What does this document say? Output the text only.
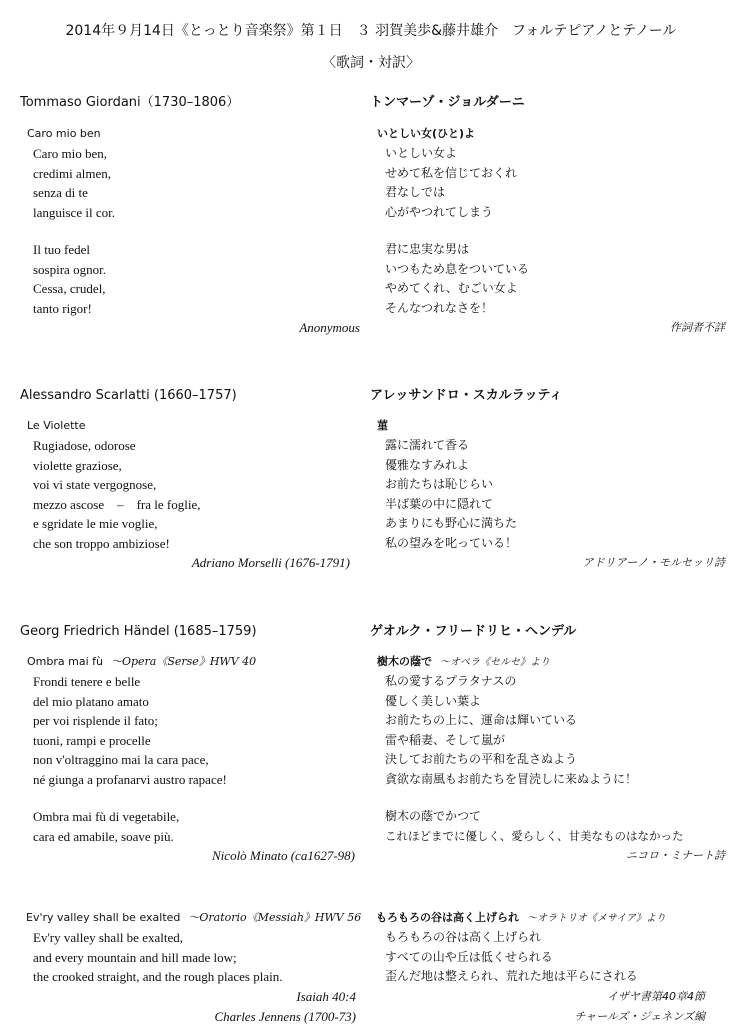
2014年９月14日《とっとり音楽祭》第１日　３ 羽賀美歩&藤井雄介　フォルテピアノとテノール
〈歌詞・対訳〉
Tommaso Giordani（1730–1806）
Caro mio ben
Caro mio ben,
credimi almen,
senza di te
languisce il cor.
Il tuo fedel
sospira ognor.
Cessa, crudel,
tanto rigor!
Anonymous
トンマーゾ・ジョルダーニ
いとしい女(ひと)よ
いとしい女よ
せめて私を信じておくれ
君なしでは
心がやつれてしまう
君に忠実な男は
いつもため息をついている
やめてくれ、むごい女よ
そんなつれなさを！
作詞者不詳
Alessandro Scarlatti (1660–1757)
Le Violette
Rugiadose, odorose
violette graziose,
voi vi state vergognose,
mezzo ascose　–　fra le foglie,
e sgridate le mie voglie,
che son troppo ambiziose!
Adriano Morselli (1676-1791)
アレッサンドロ・スカルラッティ
菫
露に濡れて香る
優雅なすみれよ
お前たちは恥じらい
半ば葉の中に隠れて
あまりにも野心に満ちた
私の望みを叱っている！
アドリアーノ・モルセッリ詩
Georg Friedrich Händel (1685–1759)
Ombra mai fù ～Opera《Serse》HWV 40
Frondi tenere e belle
del mio platano amato
per voi risplende il fato;
tuoni, rampi e procelle
non v'oltraggino mai la cara pace,
né giunga a profanarvi austro rapace!
Ombra mai fù di vegetabile,
cara ed amabile, soave più.
Nicolò Minato (ca1627-98)
ゲオルク・フリードリヒ・ヘンデル
樹木の蔭で ～オペラ《セルセ》より
私の愛するプラタナスの
優しく美しい葉よ
お前たちの上に、運命は輝いている
雷や稲妻、そして嵐が
決してお前たちの平和を乱さぬよう
貪欲な南風もお前たちを冒涜しに来ぬように！
樹木の蔭でかつて
これほどまでに優しく、愛らしく、甘美なものはなかった
ニコロ・ミナート詩
Ev'ry valley shall be exalted ～Oratorio《Messiah》HWV 56
Ev'ry valley shall be exalted,
and every mountain and hill made low;
the crooked straight, and the rough places plain.
Isaiah 40:4
Charles Jennens (1700-73)
もろもろの谷は高く上げられ ～オラトリオ《メサイア》より
もろもろの谷は高く上げられ
すべての山や丘は低くせられる
歪んだ地は整えられ、荒れた地は平らにされる
イザヤ書第40章4節
チャールズ・ジェネンズ編
